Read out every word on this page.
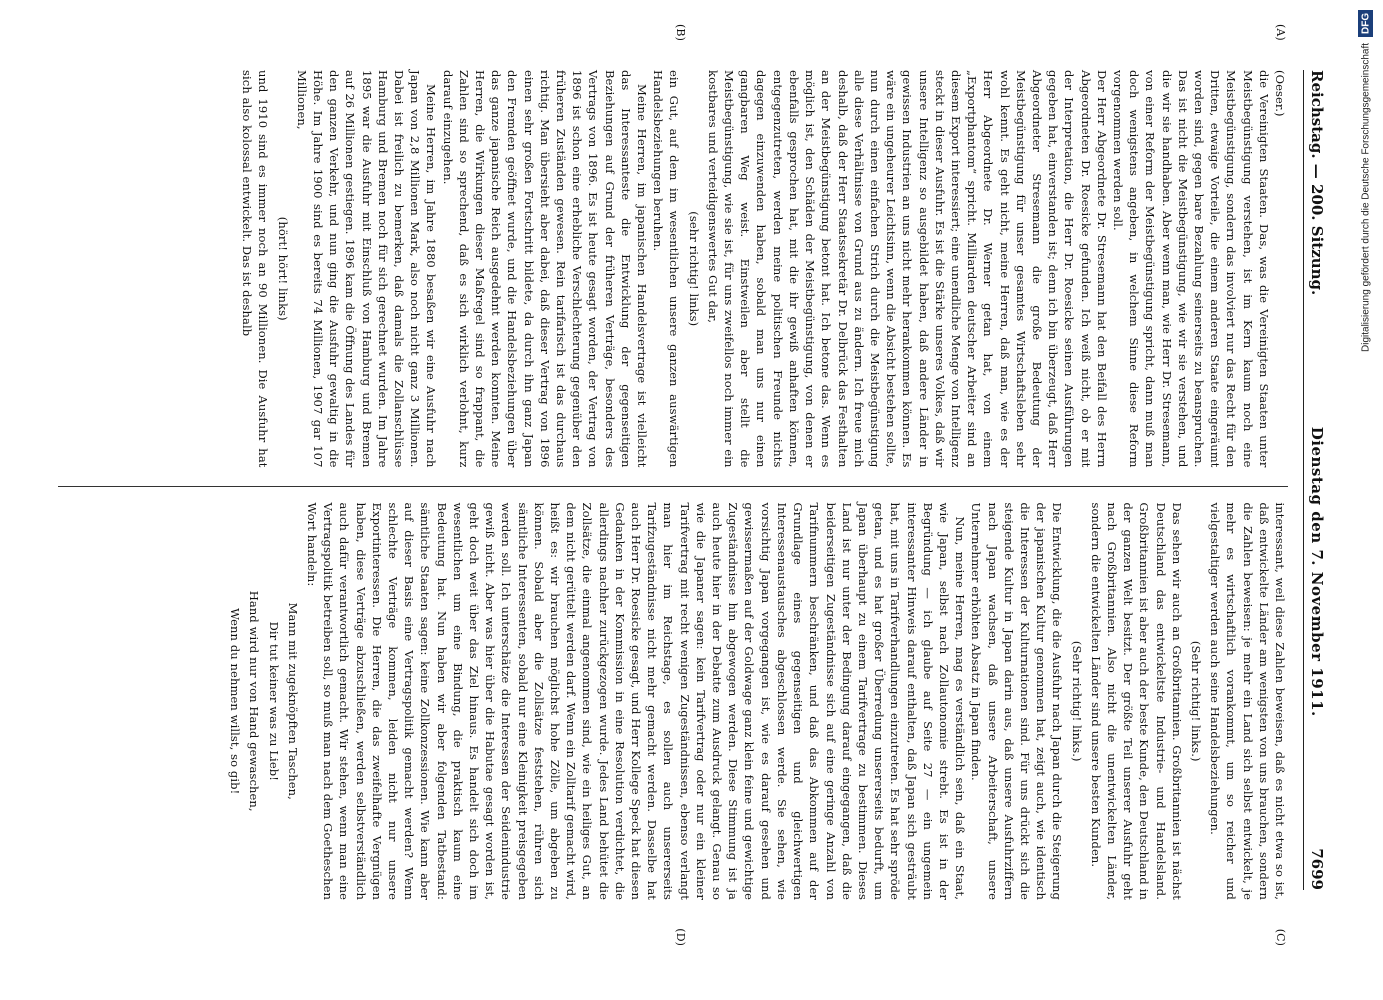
Reichstag. — 200. Sitzung.
Dienstag den 7. November 1911.
7699
(A)
(B)

(Oeser.)

die Vereinigten Staaten. Das, was die Vereinigten Staaten unter Meistbegünstigung verstehen, ist im Kern kaum noch eine Meistbegünstigung, sondern das involviert nur das Recht für den Dritten, etwaige Vorteile, die einem anderen Staate eingeräumt worden sind, gegen bare Bezahlung seinerseits zu beanspruchen. Das ist nicht die Meistbegünstigung, wie wir sie verstehen, und die wir sie handhaben. Aber wenn man, wie Herr Dr. Stresemann, von einer Reform der Meistbegünstigung spricht, dann muß man doch wenigstens angeben, in welchem Sinne diese Reform vorgenommen werden soll.

Der Herr Abgeordnete Dr. Stresemann hat den Beifall des Herrn Abgeordneten Dr. Roesicke gefunden. Ich weiß nicht, ob er mit der Interpretation, die Herr Dr. Roesicke seinen Ausführungen gegeben hat, einverstanden ist; denn ich bin überzeugt, daß Herr Abgeordneter Stresemann die große Bedeutung der Meistbegünstigung für unser gesamtes Wirtschaftsleben sehr wohl kennt. Es geht nicht, meine Herren, daß man, wie es der Herr Abgeordnete Dr. Werner getan hat, von einem „Exportphantom“ spricht. Milliarden deutscher Arbeiter sind an diesem Export interessiert; eine unendliche Menge von Intelligenz steckt in dieser Ausfuhr. Es ist die Stärke unseres Volkes, daß wir unsere Intelligenz so ausgebildet haben, daß andere Länder in gewissen Industrien an uns nicht mehr herankommen können. Es wäre ein ungeheurer Leichtsinn, wenn die Absicht bestehen sollte, nun durch einen einfachen Strich durch die Meistbegünstigung alle diese Verhältnisse von Grund aus zu ändern. Ich freue mich deshalb, daß der Herr Staatssekretär Dr. Delbrück das Festhalten an der Meistbegünstigung betont hat. Ich betone das. Wenn es möglich ist, den Schäden der Meistbegünstigung, von denen er ebenfalls gesprochen hat, mit die ihr gewiß anhaften können, entgegenzutreten, werden meine politischen Freunde nichts dagegen einzuwenden haben, sobald man uns nur einen gangbaren Weg weist. Einstweilen aber stellt die Meistbegünstigung, wie sie ist, für uns zweifellos noch immer ein kostbares und verteidigenswertes Gut dar,

(sehr richtig! links)

ein Gut, auf dem im wesentlichen unsere ganzen auswärtigen Handelsbeziehungen beruhen.

Meine Herren, im japanischen Handelsvertrage ist vielleicht das Interessanteste die Entwicklung der gegenseitigen Beziehungen auf Grund der früheren Verträge, besonders des Vertrags von 1896. Es ist heute gesagt worden, der Vertrag von 1896 ist schon eine erhebliche Verschlechterung gegenüber den früheren Zuständen gewesen. Rein tarifarisch ist das durchaus richtig. Man übersieht aber dabei, daß dieser Vertrag von 1896 einen sehr großen Fortschritt bildete, da durch ihn ganz Japan den Fremden geöffnet wurde, und die Handelsbeziehungen über das ganze japanische Reich ausgedehnt werden konnten. Meine Herren, die Wirkungen dieser Maßregel sind so frappant, die Zahlen sind so sprechend, daß es sich wirklich verlohnt, kurz darauf einzugehen.

Meine Herren, im Jahre 1880 besaßen wir eine Ausfuhr nach Japan von 2,8 Millionen Mark, also noch nicht ganz 3 Millionen. Dabei ist freilich zu bemerken, daß damals die Zollanschlüsse Hamburg und Bremen noch für sich gerechnet wurden. Im Jahre 1895 war die Ausfuhr mit Einschluß von Hamburg und Bremen auf 26 Millionen gestiegen. 1896 kam die Öffnung des Landes für den ganzen Verkehr, und nun ging die Ausfuhr gewaltig in die Höhe. Im Jahre 1900 sind es bereits 74 Millionen, 1907 gar 107 Millionen,

(hört! hört! links)

und 1910 sind es immer noch an 90 Millionen. Die Ausfuhr hat sich also kolossal entwickelt. Das ist deshalb

(C)
(D)

interessant, weil diese Zahlen beweisen, daß es nicht etwa so ist, daß entwickelte Länder am wenigsten von uns brauchen, sondern die Zahlen beweisen: je mehr ein Land sich selbst entwickelt, je mehr es wirtschaftlich vorankommt, um so reicher und vielgestaltiger werden auch seine Handelsbeziehungen.

(Sehr richtig! links.)

Das sehen wir auch an Großbritannien. Großbritannien ist nächst Deutschland das entwickeltste Industrie- und Handelsland. Großbritannien ist aber auch der beste Kunde, den Deutschland in der ganzen Welt besitzt. Der größte Teil unserer Ausfuhr geht nach Großbritannien. Also nicht die unentwickelten Länder, sondern die entwickelten Länder sind unsere besten Kunden.

(Sehr richtig! links.)

Die Entwicklung, die die Ausfuhr nach Japan durch die Steigerung der japanischen Kultur genommen hat, zeigt auch, wie identisch die Interessen der Kulturnationen sind. Für uns drückt sich die steigende Kultur in Japan darin aus, daß unsere Ausfuhrziffern nach Japan wachsen, daß unsere Arbeiterschaft, unsere Unternehmer erhöhten Absatz in Japan finden.

Nun, meine Herren, mag es verständlich sein, daß ein Staat, wie Japan, selbst nach Zollautonomie strebt. Es ist in der Begründung — ich glaube auf Seite 27 — ein ungemein interessanter Hinweis darauf enthalten, daß Japan sich gesträubt hat, mit uns in Tarifverhandlungen einzutreten. Es hat sehr spröde getan, und es hat großer Überredung unsererseits bedurft, um Japan überhaupt zu einem Tarifvertrage zu bestimmen. Dieses Land ist nur unter der Bedingung darauf eingegangen, daß die beiderseitigen Zugeständnisse sich auf eine geringe Anzahl von Tarifnummern beschränken, und daß das Abkommen auf der Grundlage eines gegenseitigen und gleichwertigen Interessenaustausches abgeschlossen werde. Sie sehen, wie vorsichtig Japan vorgegangen ist, wie es darauf gesehen und gewissermaßen auf der Goldwage ganz klein feine und gewichtige Zugeständnisse hin abgewogen werden. Diese Stimmung ist ja auch heute hier in der Debatte zum Ausdruck gelangt. Genau so wie die Japaner sagen: kein Tarifvertrag oder nur ein kleiner Tarifvertrag mit recht wenigen Zugeständnissen, ebenso verlangt man hier im Reichstage, es sollen auch unsererseits Tarifzugeständnisse nicht mehr gemacht werden. Dasselbe hat auch Herr Dr. Roesicke gesagt, und Herr Kollege Speck hat diesen Gedanken in der Kommission in eine Resolution verdichtet, die allerdings nachher zurückgezogen wurde. Jedes Land behütet die Zollsätze, die einmal angenommen sind, wie ein heiliges Gut, an dem nicht gerüttelt werden darf. Wenn ein Zolltarif gemacht wird, heißt es: wir brauchen möglichst hohe Zölle, um abgeben zu können. Sobald aber die Zollsätze feststehen, rühren sich sämtliche Interessenten, sobald nur eine Kleinigkeit preisgegeben werden soll. Ich unterschätze die Interessen der Seidenindustrie gewiß nicht. Aber was hier über die Habutae gesagt worden ist, geht doch weit über das Ziel hinaus. Es handelt sich doch im wesentlichen um eine Bindung, die praktisch kaum eine Bedeutung hat. Nun haben wir aber folgenden Tatbestand: sämtliche Staaten sagen: keine Zollkonzessionen. Wie kann aber auf dieser Basis eine Vertragspolitik gemacht werden? Wenn schlechte Verträge kommen, leiden nicht nur unsere Exportinteressen. Die Herren, die das zweifelhafte Vergnügen haben, diese Verträge abzuschließen, werden selbstverständlich auch dafür verantwortlich gemacht. Wir stehen, wenn man eine Vertragspolitik betreiben soll, so muß man nach dem Goetheschen Wort handeln:

Mann mit zugeknöpften Taschen,

Dir tut keiner was zu Lieb!

Hand wird nur von Hand gewaschen,

Wenn du nehmen willst, so gib!

Digitalisierung gefördert durch die Deutsche Forschungsgemeinschaft
DFG
